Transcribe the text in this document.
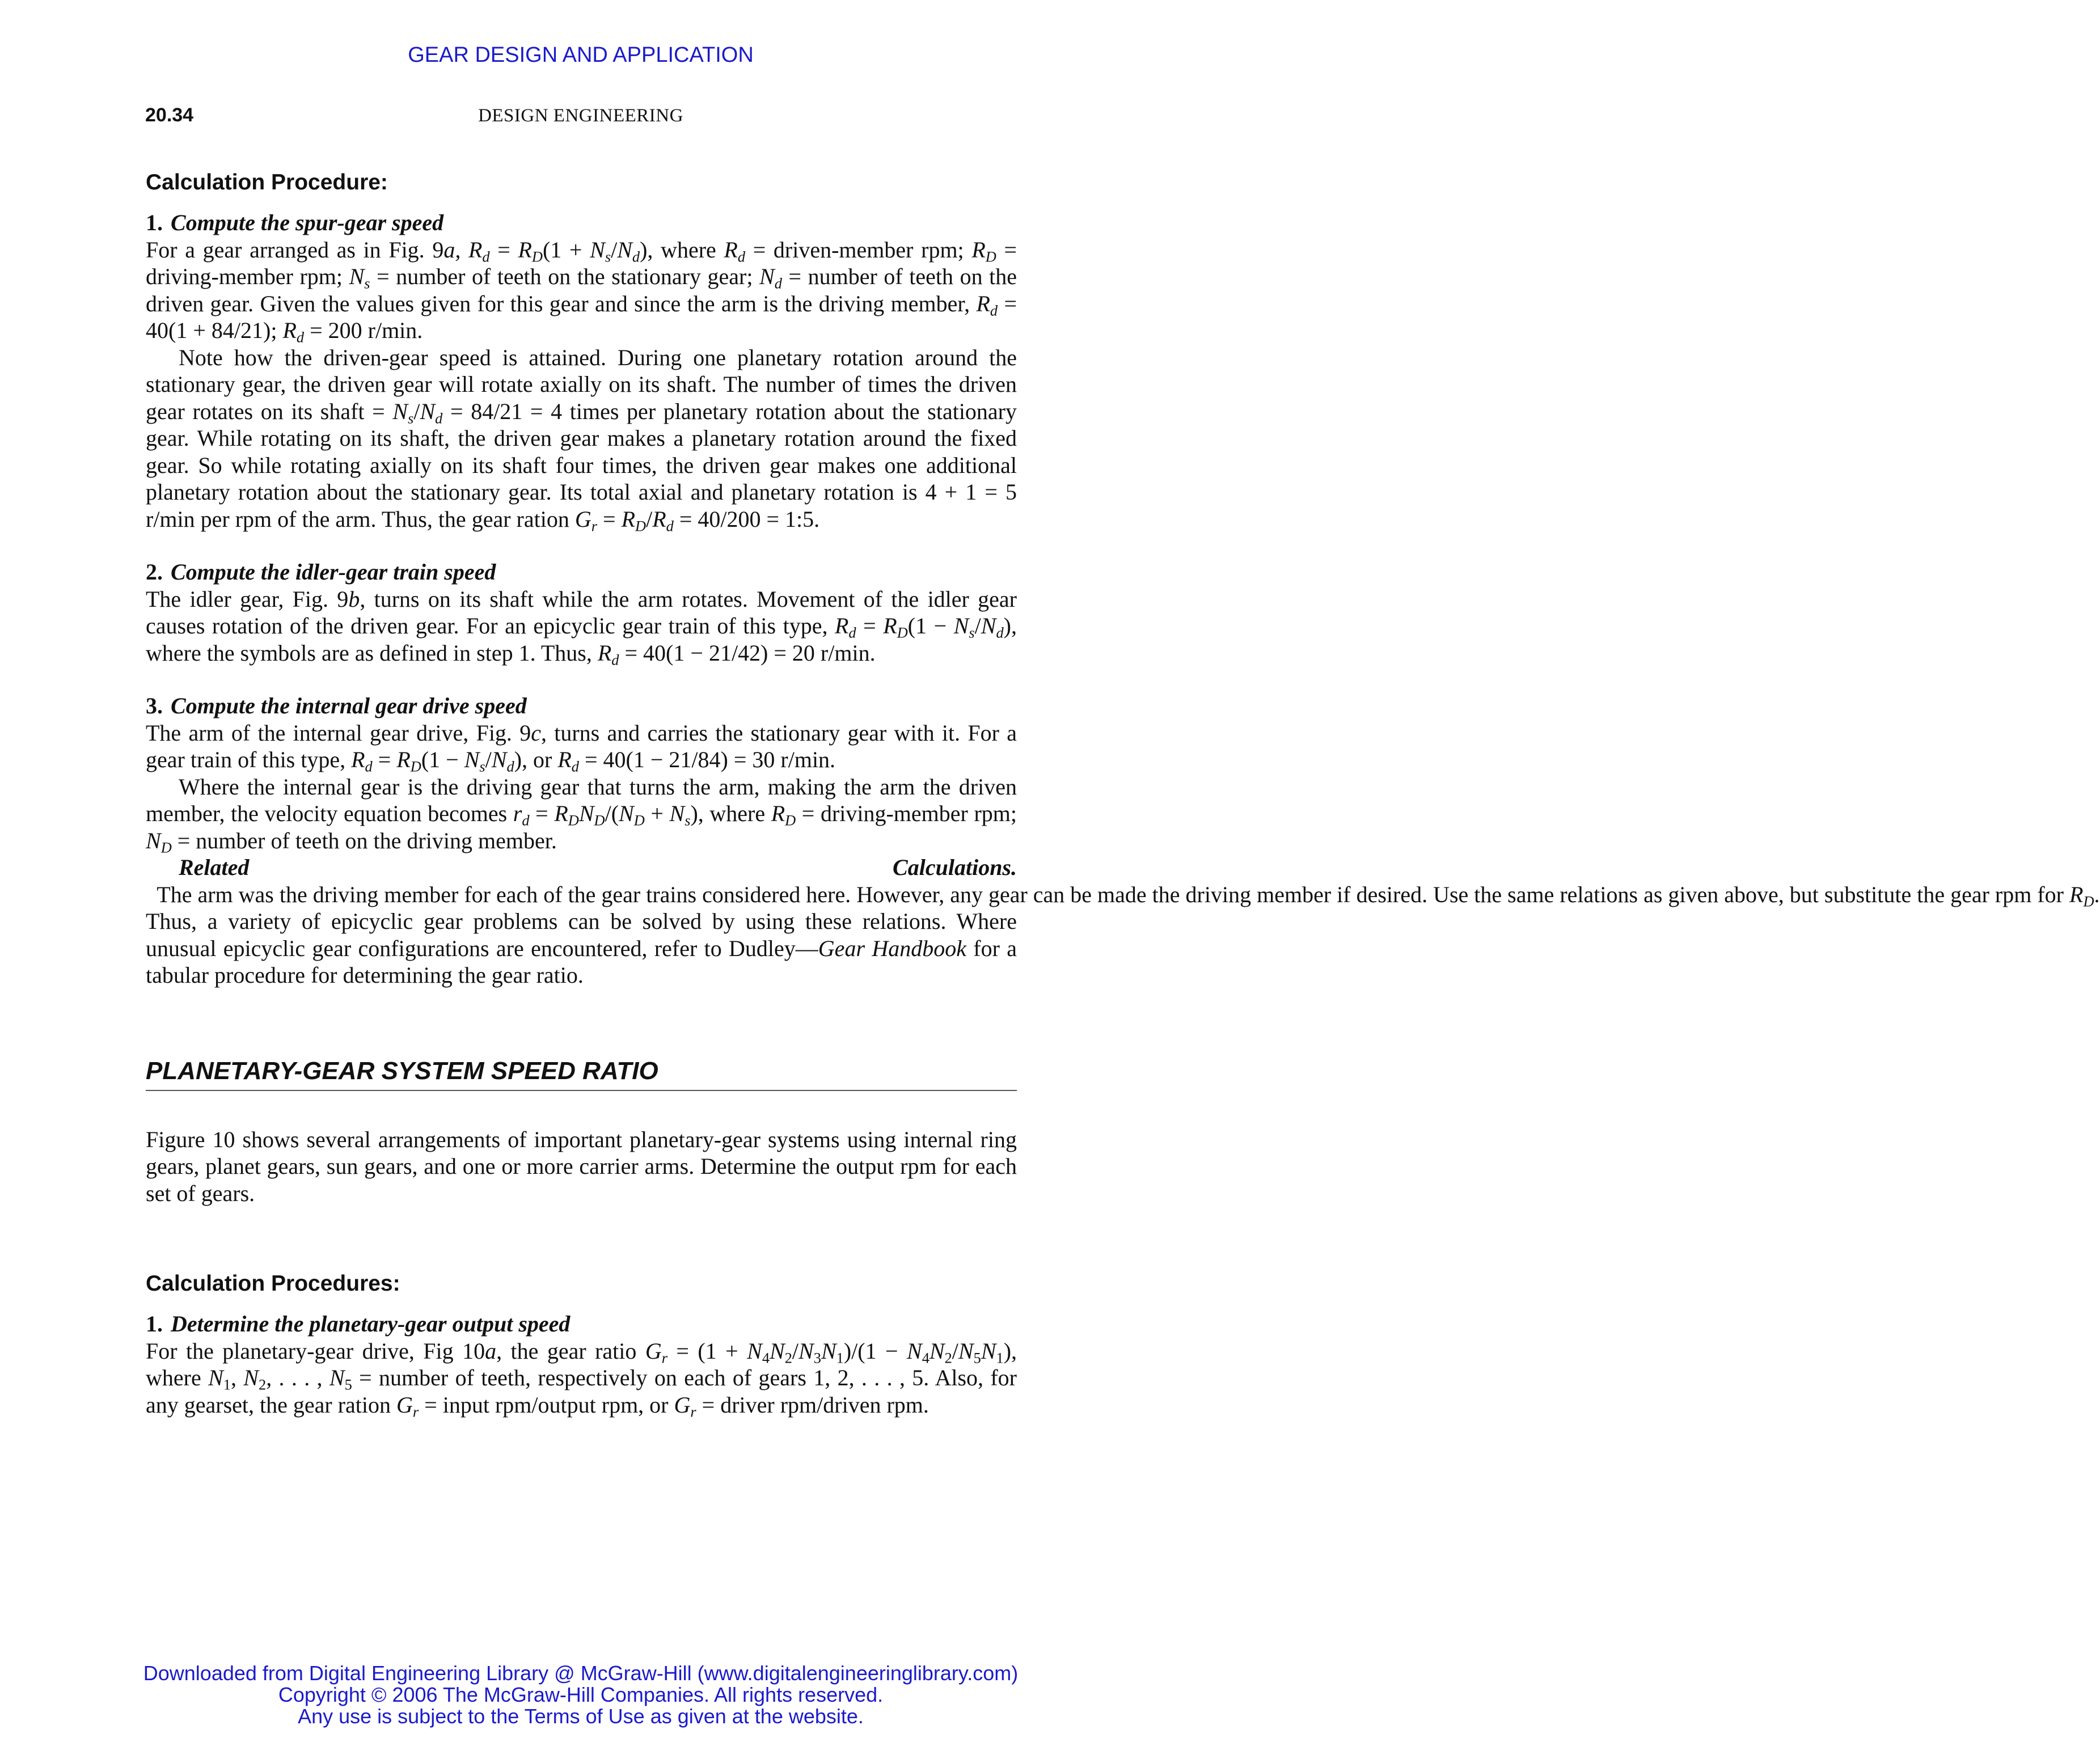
GEAR DESIGN AND APPLICATION
20.34	DESIGN ENGINEERING
Calculation Procedure:
1. Compute the spur-gear speed

For a gear arranged as in Fig. 9a, $R_d = R_D(1 + N_s/N_d)$, where $R_d$ = driven-member rpm; $R_D$ = driving-member rpm; $N_s$ = number of teeth on the stationary gear; $N_d$ = number of teeth on the driven gear. Given the values given for this gear and since the arm is the driving member, $R_d = 40(1 + 84/21)$; $R_d = 200$ r/min.

Note how the driven-gear speed is attained. During one planetary rotation around the stationary gear, the driven gear will rotate axially on its shaft. The number of times the driven gear rotates on its shaft = $N_s/N_d = 84/21 = 4$ times per planetary rotation about the stationary gear. While rotating on its shaft, the driven gear makes a planetary rotation around the fixed gear. So while rotating axially on its shaft four times, the driven gear makes one additional planetary rotation about the stationary gear. Its total axial and planetary rotation is 4 + 1 = 5 r/min per rpm of the arm. Thus, the gear ration $G_r = R_D/R_d = 40/200$ = 1:5.

2. Compute the idler-gear train speed

The idler gear, Fig. 9b, turns on its shaft while the arm rotates. Movement of the idler gear causes rotation of the driven gear. For an epicyclic gear train of this type, $R_d = R_D(1 - N_s/N_d)$, where the symbols are as defined in step 1. Thus, $R_d = 40(1 - 21/42) = 20$ r/min.

3. Compute the internal gear drive speed

The arm of the internal gear drive, Fig. 9c, turns and carries the stationary gear with it. For a gear train of this type, $R_d = R_D(1 - N_s/N_d)$, or $R_d = 40(1 - 21/84) = 30$ r/min.

Where the internal gear is the driving gear that turns the arm, making the arm the driven member, the velocity equation becomes $r_d = R_DN_D/(N_D + N_s)$, where $R_D$ = driving-member rpm; $N_D$ = number of teeth on the driving member.

Related Calculations.  The arm was the driving member for each of the gear trains considered here. However, any gear can be made the driving member if desired. Use the same relations as given above, but substitute the gear rpm for $R_D$. Thus, a variety of epicyclic gear problems can be solved by using these relations. Where unusual epicyclic gear configurations are encountered, refer to Dudley—Gear Handbook for a tabular procedure for determining the gear ratio.

PLANETARY-GEAR SYSTEM SPEED RATIO

Figure 10 shows several arrangements of important planetary-gear systems using internal ring gears, planet gears, sun gears, and one or more carrier arms. Determine the output rpm for each set of gears.

Calculation Procedures:
1. Determine the planetary-gear output speed

For the planetary-gear drive, Fig 10a, the gear ratio $G_r = (1 + N_4N_2/N_3N_1)/(1 - N_4N_2/N_5N_1)$, where $N_1$, $N_2$, . . . , $N_5$ = number of teeth, respectively on each of gears 1, 2, . . . , 5. Also, for any gearset, the gear ration $G_r$ = input rpm/output rpm, or $G_r$ = driver rpm/driven rpm.

Downloaded from Digital Engineering Library @ McGraw-Hill (www.digitalengineeringlibrary.com)
Copyright © 2006 The McGraw-Hill Companies. All rights reserved.
Any use is subject to the Terms of Use as given at the website.
